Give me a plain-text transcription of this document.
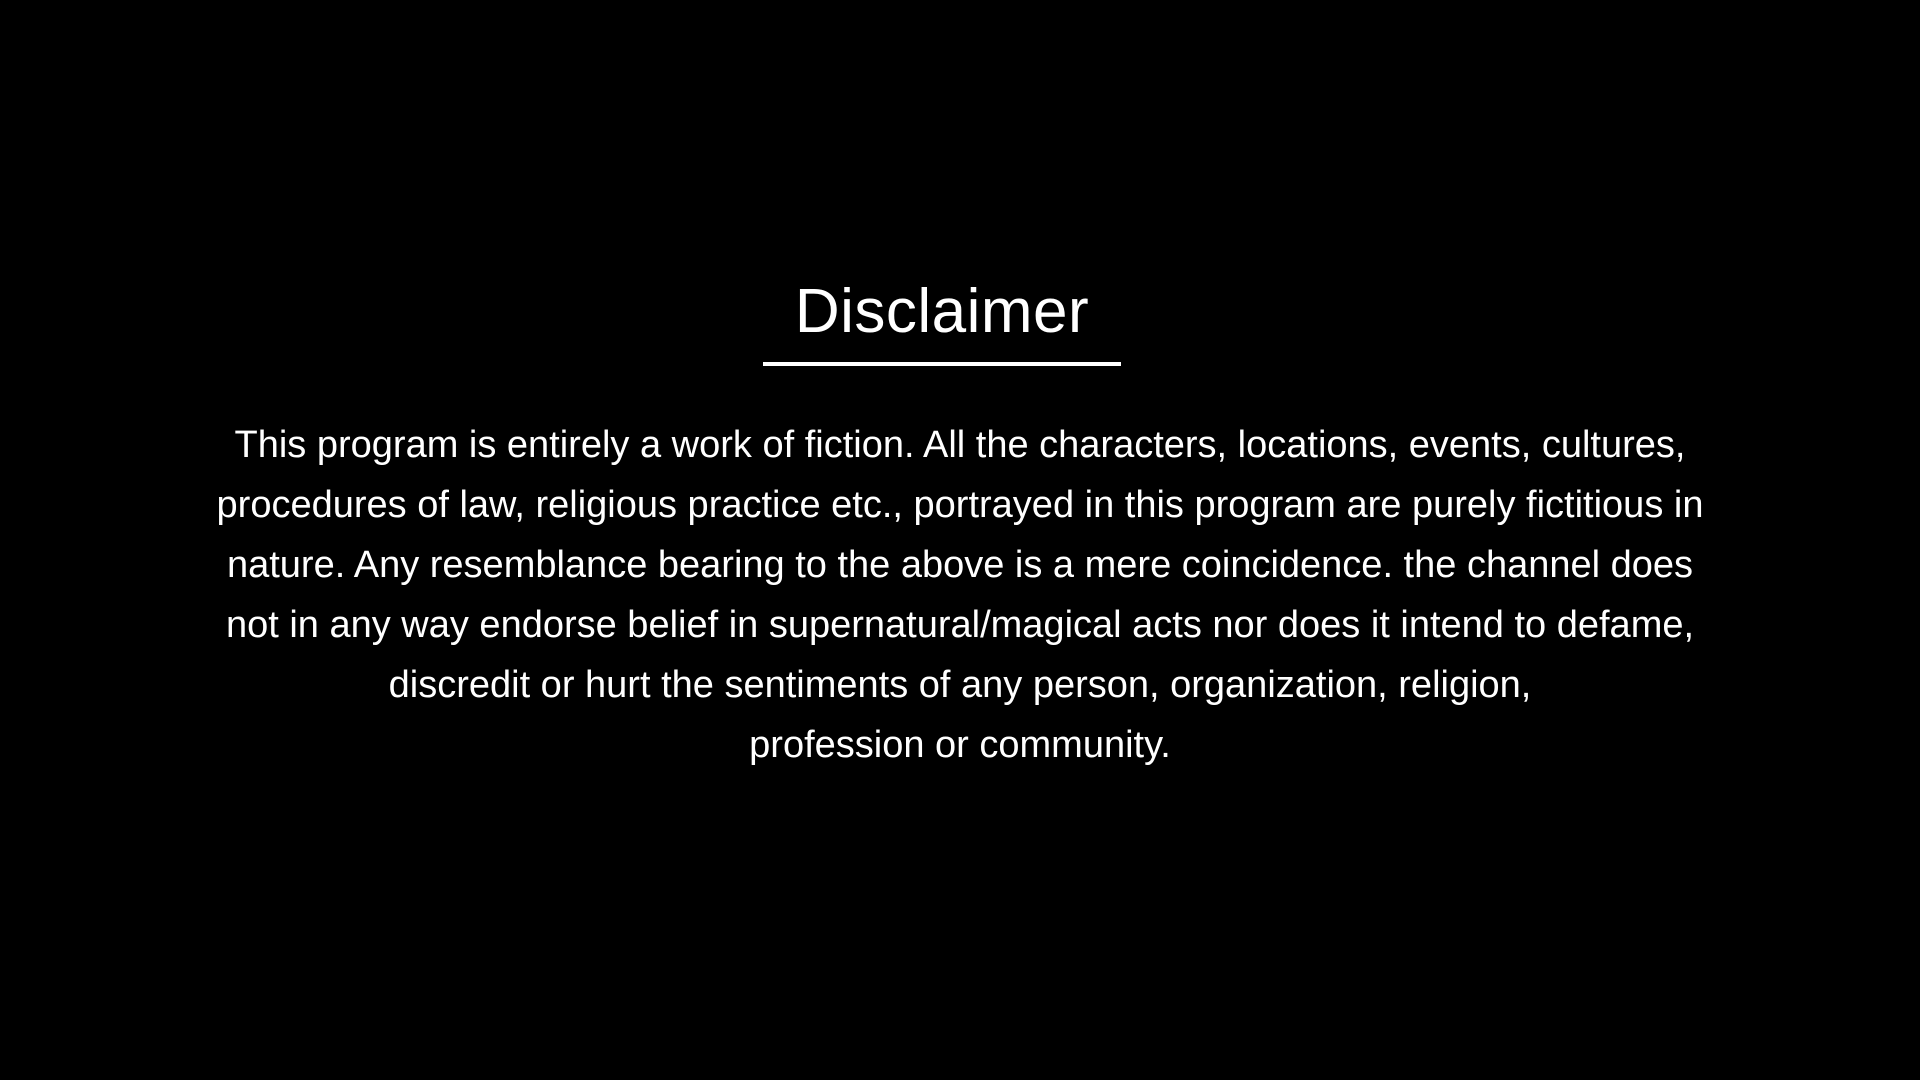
Disclaimer
This program is entirely a work of fiction. All the characters, locations, events, cultures,
procedures of law, religious practice etc., portrayed in this program are purely fictitious in
nature. Any resemblance bearing to the above is a mere coincidence. the channel does
not in any way endorse belief in supernatural/magical acts nor does it intend to defame,
discredit or hurt the sentiments of any person, organization, religion,
profession or community.
